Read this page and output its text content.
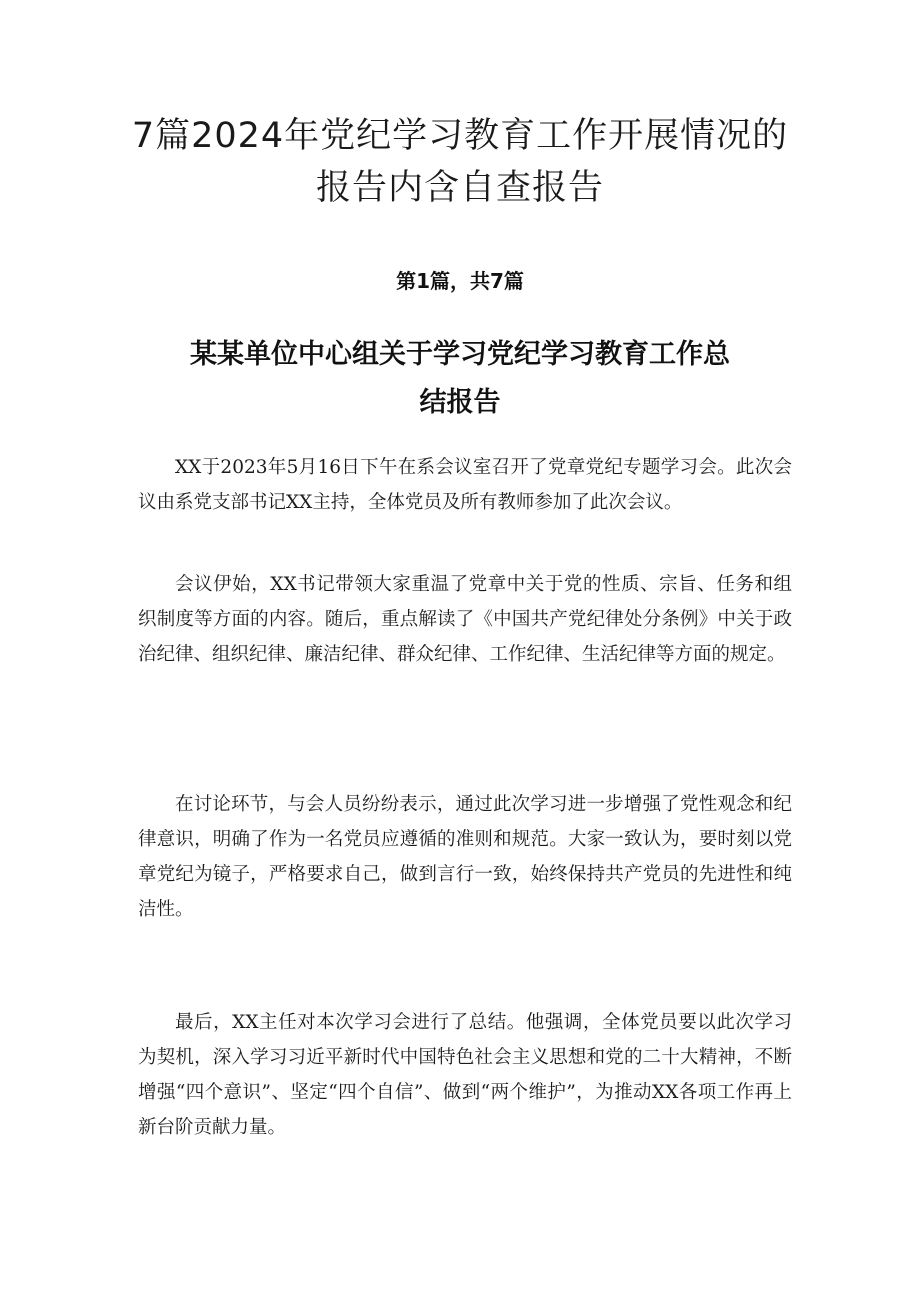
7篇2024年党纪学习教育工作开展情况的
报告内含自查报告
第1篇，共7篇
某某单位中心组关于学习党纪学习教育工作总
结报告

XX于2023年5月16日下午在系会议室召开了党章党纪专题学习会。此次会议由系党支部书记XX主持，全体党员及所有教师参加了此次会议。

会议伊始，XX书记带领大家重温了党章中关于党的性质、宗旨、任务和组织制度等方面的内容。随后，重点解读了《中国共产党纪律处分条例》中关于政治纪律、组织纪律、廉洁纪律、群众纪律、工作纪律、生活纪律等方面的规定。

在讨论环节，与会人员纷纷表示，通过此次学习进一步增强了党性观念和纪律意识，明确了作为一名党员应遵循的准则和规范。大家一致认为，要时刻以党章党纪为镜子，严格要求自己，做到言行一致，始终保持共产党员的先进性和纯洁性。

最后，XX主任对本次学习会进行了总结。他强调，全体党员要以此次学习为契机，深入学习习近平新时代中国特色社会主义思想和党的二十大精神，不断增强“四个意识”、坚定“四个自信”、做到“两个维护”，为推动XX各项工作再上新台阶贡献力量。
